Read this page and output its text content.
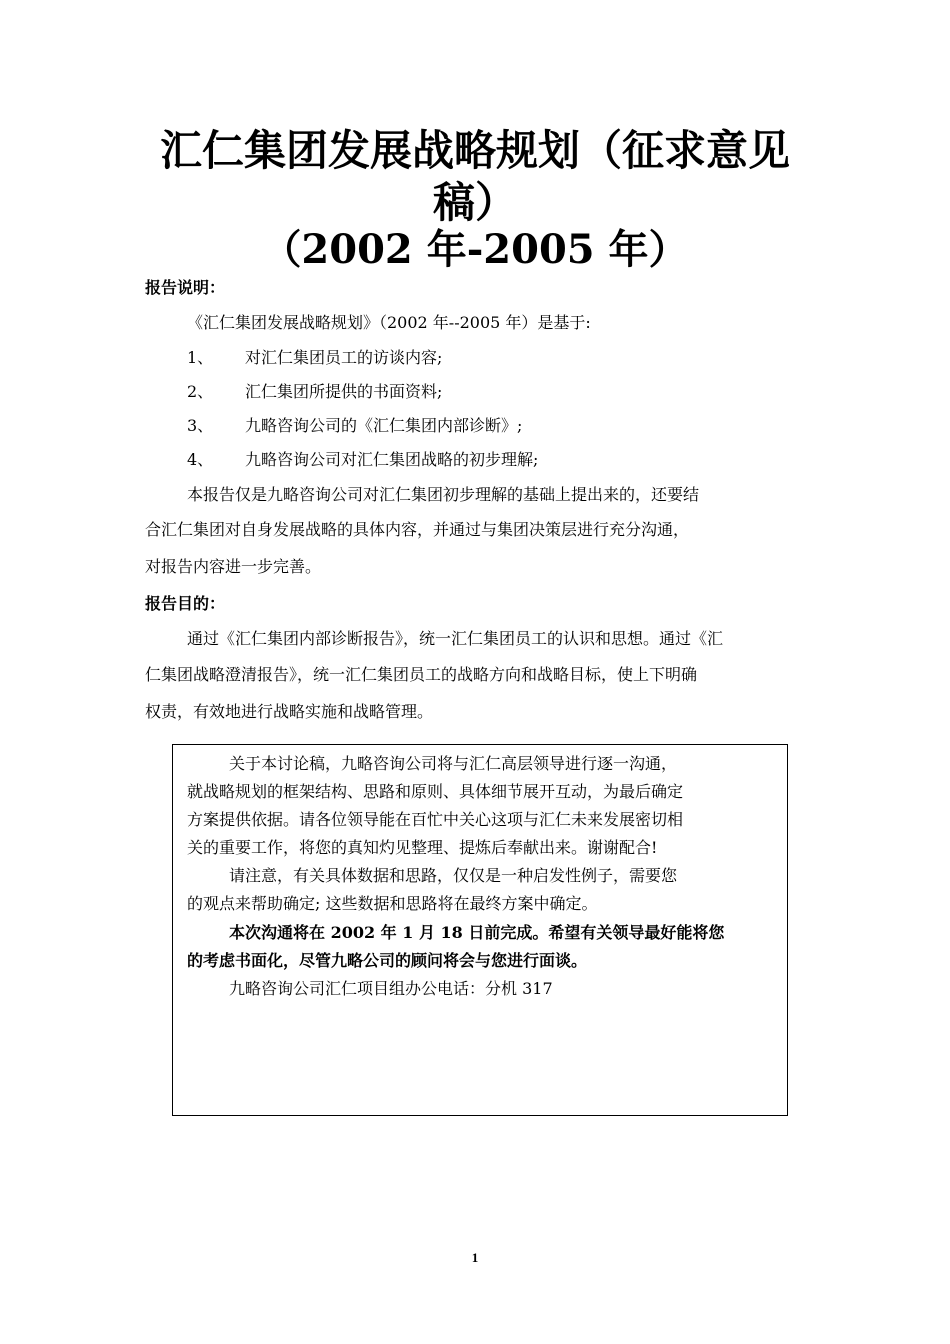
汇仁集团发展战略规划（征求意见
稿）
（2002 年-2005 年）
报告说明：
《汇仁集团发展战略规划》（2002 年--2005 年）是基于:
1、 对汇仁集团员工的访谈内容;
2、 汇仁集团所提供的书面资料;
3、 九略咨询公司的《汇仁集团内部诊断》;
4、 九略咨询公司对汇仁集团战略的初步理解;
本报告仅是九略咨询公司对汇仁集团初步理解的基础上提出来的，还要结
合汇仁集团对自身发展战略的具体内容，并通过与集团决策层进行充分沟通，
对报告内容进一步完善。
报告目的：
通过《汇仁集团内部诊断报告》，统一汇仁集团员工的认识和思想。通过《汇
仁集团战略澄清报告》，统一汇仁集团员工的战略方向和战略目标，使上下明确
权责，有效地进行战略实施和战略管理。
关于本讨论稿，九略咨询公司将与汇仁高层领导进行逐一沟通，
就战略规划的框架结构、思路和原则、具体细节展开互动，为最后确定
方案提供依据。请各位领导能在百忙中关心这项与汇仁未来发展密切相
关的重要工作，将您的真知灼见整理、提炼后奉献出来。谢谢配合!
请注意，有关具体数据和思路，仅仅是一种启发性例子，需要您
的观点来帮助确定; 这些数据和思路将在最终方案中确定。
本次沟通将在 2002 年 1 月 18 日前完成。希望有关领导最好能将您
的考虑书面化，尽管九略公司的顾问将会与您进行面谈。
九略咨询公司汇仁项目组办公电话：分机 317
1
